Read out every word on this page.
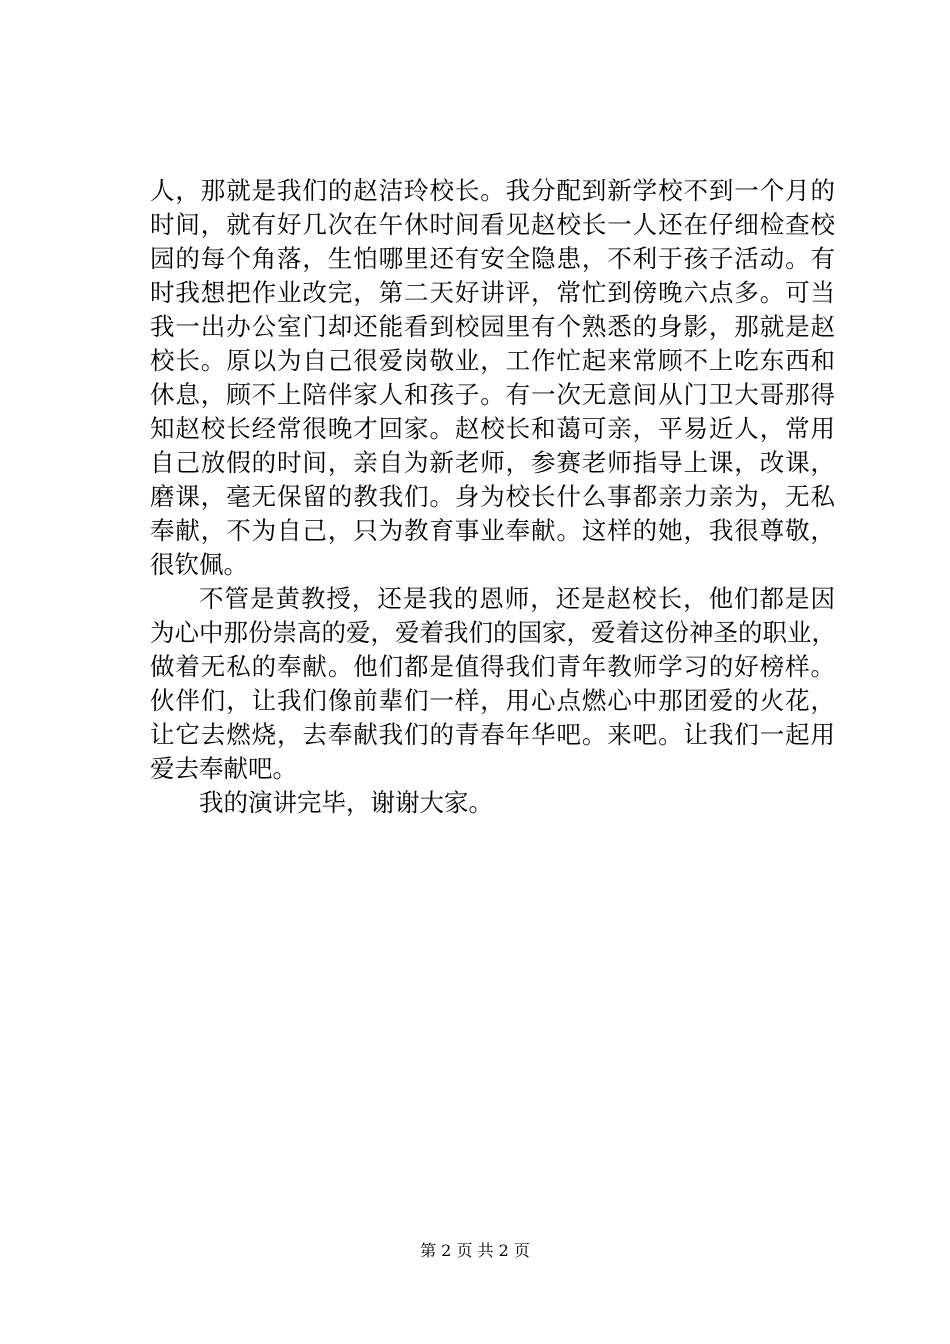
人，那就是我们的赵洁玲校长。我分配到新学校不到一个月的
时间，就有好几次在午休时间看见赵校长一人还在仔细检查校
园的每个角落，生怕哪里还有安全隐患，不利于孩子活动。有
时我想把作业改完，第二天好讲评，常忙到傍晚六点多。可当
我一出办公室门却还能看到校园里有个熟悉的身影，那就是赵
校长。原以为自己很爱岗敬业，工作忙起来常顾不上吃东西和
休息，顾不上陪伴家人和孩子。有一次无意间从门卫大哥那得
知赵校长经常很晚才回家。赵校长和蔼可亲，平易近人，常用
自己放假的时间，亲自为新老师，参赛老师指导上课，改课，
磨课，毫无保留的教我们。身为校长什么事都亲力亲为，无私
奉献，不为自己，只为教育事业奉献。这样的她，我很尊敬，
很钦佩。
不管是黄教授，还是我的恩师，还是赵校长，他们都是因
为心中那份崇高的爱，爱着我们的国家，爱着这份神圣的职业，
做着无私的奉献。他们都是值得我们青年教师学习的好榜样。
伙伴们，让我们像前辈们一样，用心点燃心中那团爱的火花，
让它去燃烧，去奉献我们的青春年华吧。来吧。让我们一起用
爱去奉献吧。
我的演讲完毕，谢谢大家。
第 2 页 共 2 页
